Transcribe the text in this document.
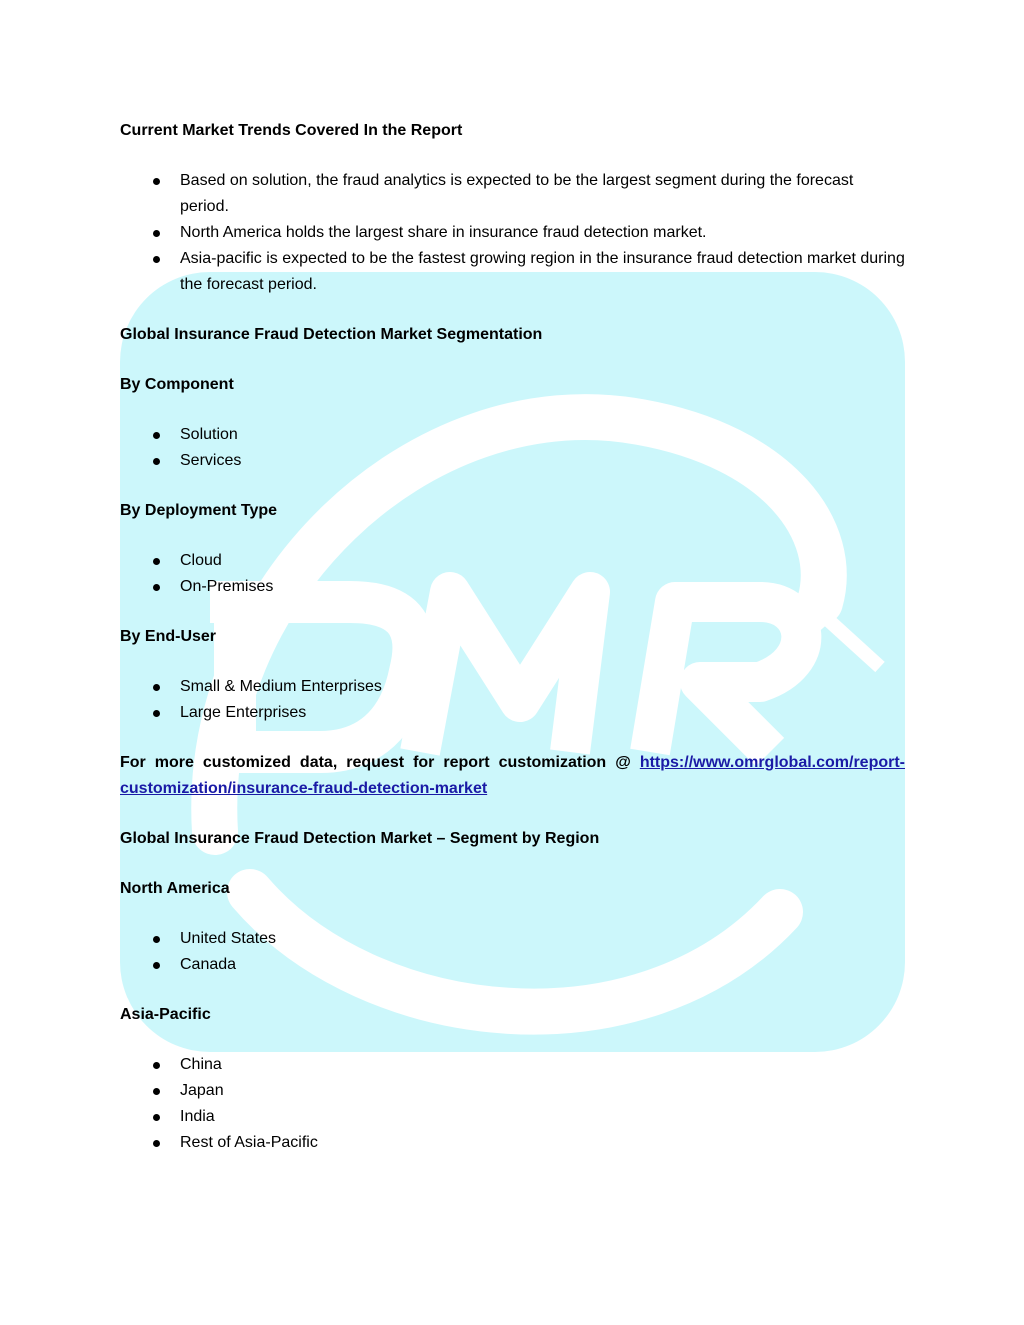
Current Market Trends Covered In the Report

Based on solution, the fraud analytics is expected to be the largest segment during the forecast period.
North America holds the largest share in insurance fraud detection market.
Asia-pacific is expected to be the fastest growing region in the insurance fraud detection market during the forecast period.

Global Insurance Fraud Detection Market Segmentation

By Component

Solution
Services

By Deployment Type

Cloud
On-Premises

By End-User

Small & Medium Enterprises
Large Enterprises

For more customized data, request for report customization @ https://www.omrglobal.com/report-customization/insurance-fraud-detection-market

Global Insurance Fraud Detection Market – Segment by Region

North America

United States
Canada

Asia-Pacific

China
Japan
India
Rest of Asia-Pacific
